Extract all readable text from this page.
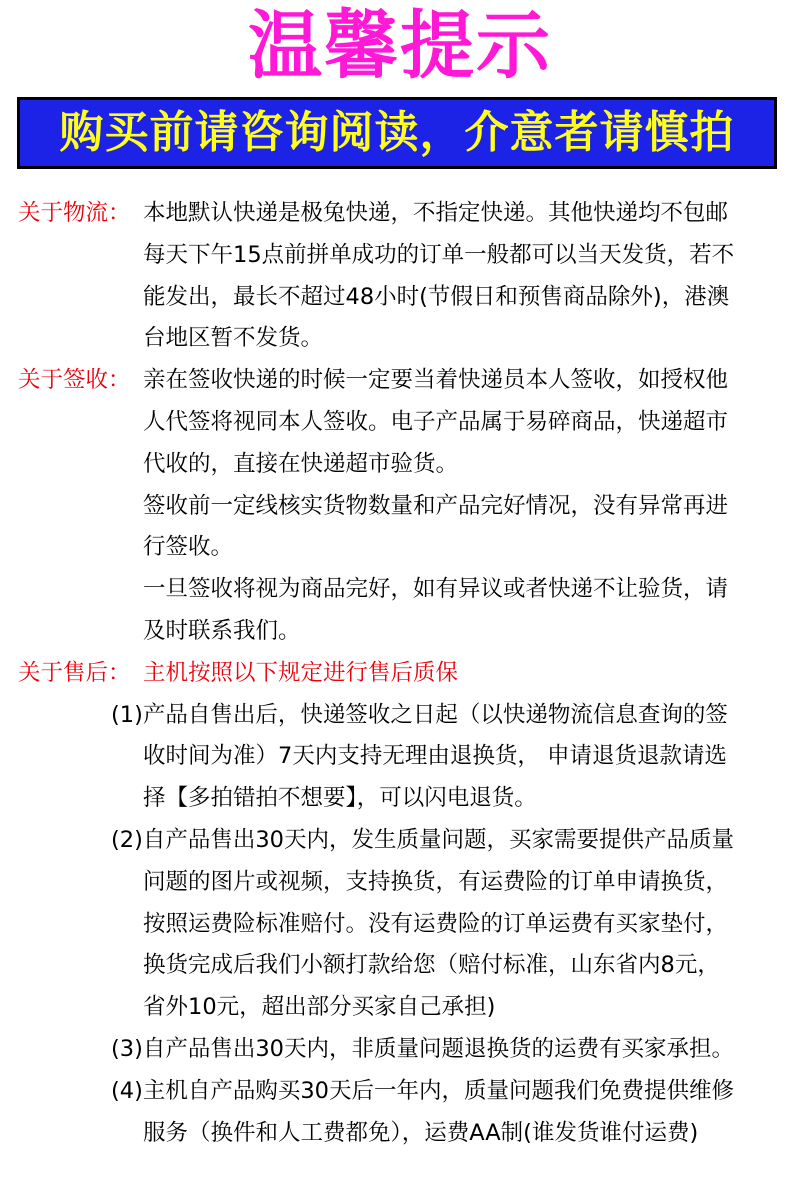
温馨提示
购买前请咨询阅读，介意者请慎拍
关于物流： 本地默认快递是极兔快递，不指定快递。其他快递均不包邮
每天下午15点前拼单成功的订单一般都可以当天发货，若不
能发出，最长不超过48小时(节假日和预售商品除外)，港澳
台地区暂不发货。
关于签收： 亲在签收快递的时候一定要当着快递员本人签收，如授权他
人代签将视同本人签收。电子产品属于易碎商品，快递超市
代收的，直接在快递超市验货。
签收前一定线核实货物数量和产品完好情况，没有异常再进
行签收。
一旦签收将视为商品完好，如有异议或者快递不让验货，请
及时联系我们。
关于售后： 主机按照以下规定进行售后质保
(1)产品自售出后，快递签收之日起（以快递物流信息查询的签
收时间为准）7天内支持无理由退换货， 申请退货退款请选
择【多拍错拍不想要】，可以闪电退货。
(2)自产品售出30天内，发生质量问题，买家需要提供产品质量
问题的图片或视频，支持换货，有运费险的订单申请换货，
按照运费险标准赔付。没有运费险的订单运费有买家垫付，
换货完成后我们小额打款给您（赔付标准，山东省内8元，
省外10元，超出部分买家自己承担)
(3)自产品售出30天内，非质量问题退换货的运费有买家承担。
(4)主机自产品购买30天后一年内，质量问题我们免费提供维修
服务（换件和人工费都免），运费AA制(谁发货谁付运费)
